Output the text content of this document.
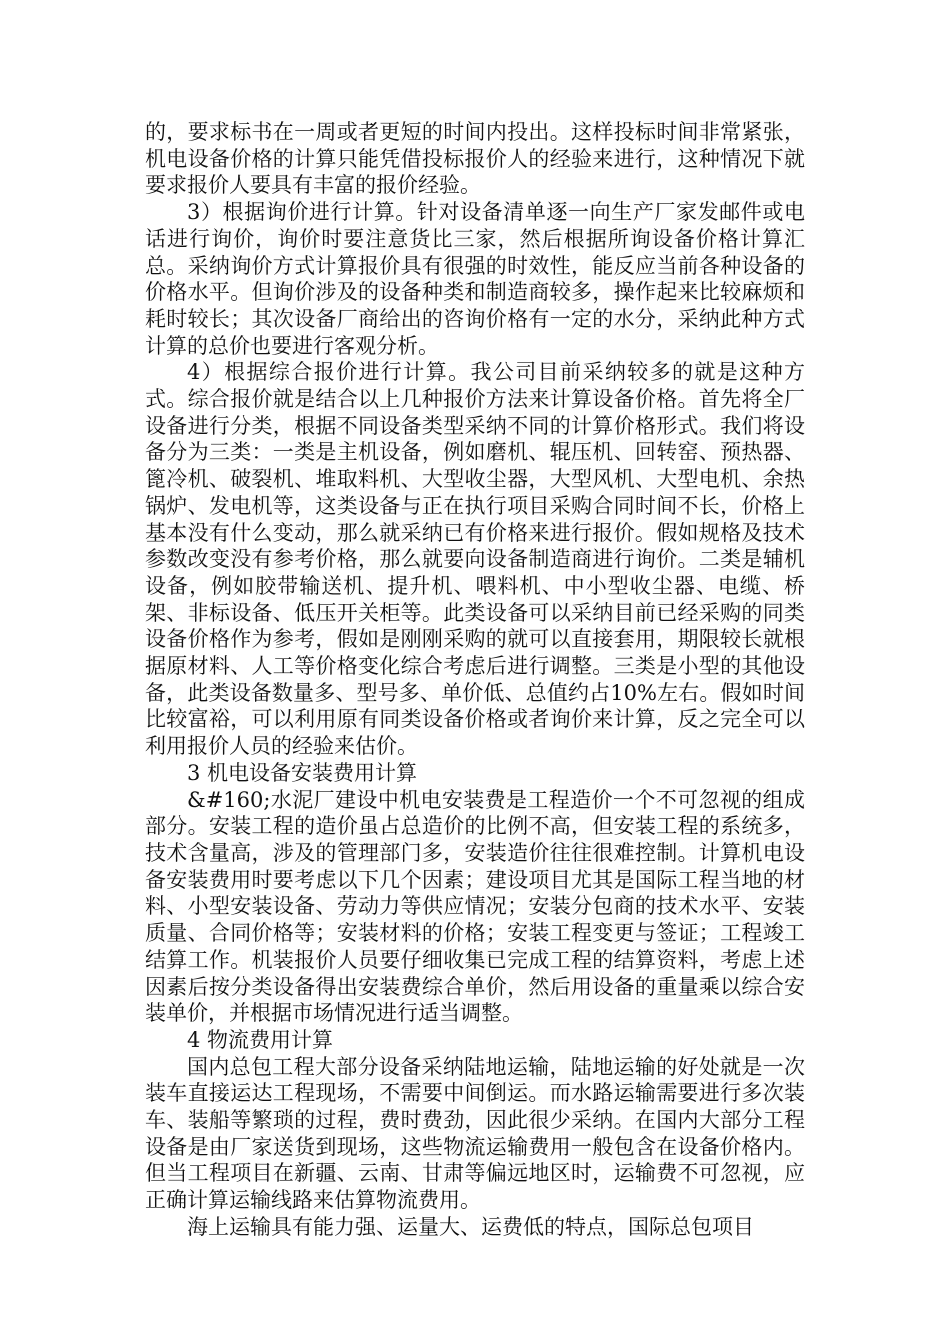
的，要求标书在一周或者更短的时间内投出。这样投标时间非常紧张，机电设备价格的计算只能凭借投标报价人的经验来进行，这种情况下就要求报价人要具有丰富的报价经验。

3）根据询价进行计算。针对设备清单逐一向生产厂家发邮件或电话进行询价，询价时要注意货比三家，然后根据所询设备价格计算汇总。采纳询价方式计算报价具有很强的时效性，能反应当前各种设备的价格水平。但询价涉及的设备种类和制造商较多，操作起来比较麻烦和耗时较长；其次设备厂商给出的咨询价格有一定的水分，采纳此种方式计算的总价也要进行客观分析。

4）根据综合报价进行计算。我公司目前采纳较多的就是这种方式。综合报价就是结合以上几种报价方法来计算设备价格。首先将全厂设备进行分类，根据不同设备类型采纳不同的计算价格形式。我们将设备分为三类：一类是主机设备，例如磨机、辊压机、回转窑、预热器、篦冷机、破裂机、堆取料机、大型收尘器，大型风机、大型电机、余热锅炉、发电机等，这类设备与正在执行项目采购合同时间不长，价格上基本没有什么变动，那么就采纳已有价格来进行报价。假如规格及技术参数改变没有参考价格，那么就要向设备制造商进行询价。二类是辅机设备，例如胶带输送机、提升机、喂料机、中小型收尘器、电缆、桥架、非标设备、低压开关柜等。此类设备可以采纳目前已经采购的同类设备价格作为参考，假如是刚刚采购的就可以直接套用，期限较长就根据原材料、人工等价格变化综合考虑后进行调整。三类是小型的其他设备，此类设备数量多、型号多、单价低、总值约占10%左右。假如时间比较富裕，可以利用原有同类设备价格或者询价来计算，反之完全可以利用报价人员的经验来估价。

3 机电设备安装费用计算

&#160;水泥厂建设中机电安装费是工程造价一个不可忽视的组成部分。安装工程的造价虽占总造价的比例不高，但安装工程的系统多，技术含量高，涉及的管理部门多，安装造价往往很难控制。计算机电设备安装费用时要考虑以下几个因素；建设项目尤其是国际工程当地的材料、小型安装设备、劳动力等供应情况；安装分包商的技术水平、安装质量、合同价格等；安装材料的价格；安装工程变更与签证；工程竣工结算工作。机装报价人员要仔细收集已完成工程的结算资料，考虑上述因素后按分类设备得出安装费综合单价，然后用设备的重量乘以综合安装单价，并根据市场情况进行适当调整。

4 物流费用计算

国内总包工程大部分设备采纳陆地运输，陆地运输的好处就是一次装车直接运达工程现场，不需要中间倒运。而水路运输需要进行多次装车、装船等繁琐的过程，费时费劲，因此很少采纳。在国内大部分工程设备是由厂家送货到现场，这些物流运输费用一般包含在设备价格内。但当工程项目在新疆、云南、甘肃等偏远地区时，运输费不可忽视，应正确计算运输线路来估算物流费用。

海上运输具有能力强、运量大、运费低的特点，国际总包项目
